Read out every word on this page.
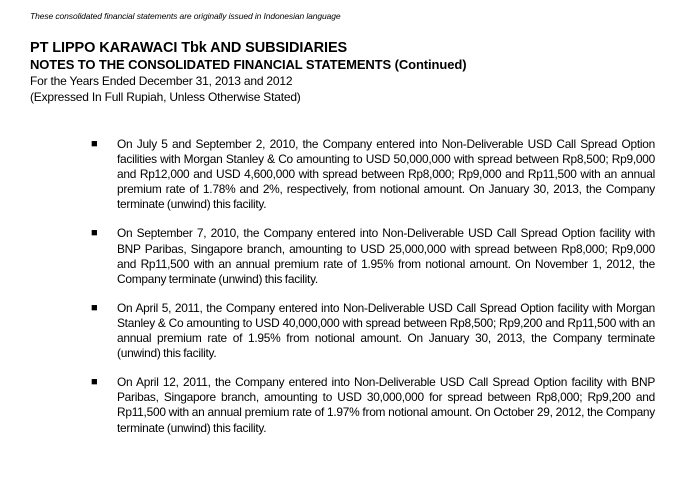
These consolidated financial statements are originally issued in Indonesian language
PT LIPPO KARAWACI Tbk AND SUBSIDIARIES
NOTES TO THE CONSOLIDATED FINANCIAL STATEMENTS (Continued)
For the Years Ended December 31, 2013 and 2012
(Expressed In Full Rupiah, Unless Otherwise Stated)
■ On July 5 and September 2, 2010, the Company entered into Non-Deliverable USD Call Spread Option facilities with Morgan Stanley & Co amounting to USD 50,000,000 with spread between Rp8,500; Rp9,000 and Rp12,000 and USD 4,600,000 with spread between Rp8,000; Rp9,000 and Rp11,500 with an annual premium rate of 1.78% and 2%, respectively, from notional amount. On January 30, 2013, the Company terminate (unwind) this facility.
■ On September 7, 2010, the Company entered into Non-Deliverable USD Call Spread Option facility with BNP Paribas, Singapore branch, amounting to USD 25,000,000 with spread between Rp8,000; Rp9,000 and Rp11,500 with an annual premium rate of 1.95% from notional amount. On November 1, 2012, the Company terminate (unwind) this facility.
■ On April 5, 2011, the Company entered into Non-Deliverable USD Call Spread Option facility with Morgan Stanley & Co amounting to USD 40,000,000 with spread between Rp8,500; Rp9,200 and Rp11,500 with an annual premium rate of 1.95% from notional amount. On January 30, 2013, the Company terminate (unwind) this facility.
■ On April 12, 2011, the Company entered into Non-Deliverable USD Call Spread Option facility with BNP Paribas, Singapore branch, amounting to USD 30,000,000 for spread between Rp8,000; Rp9,200 and Rp11,500 with an annual premium rate of 1.97% from notional amount. On October 29, 2012, the Company terminate (unwind) this facility.
